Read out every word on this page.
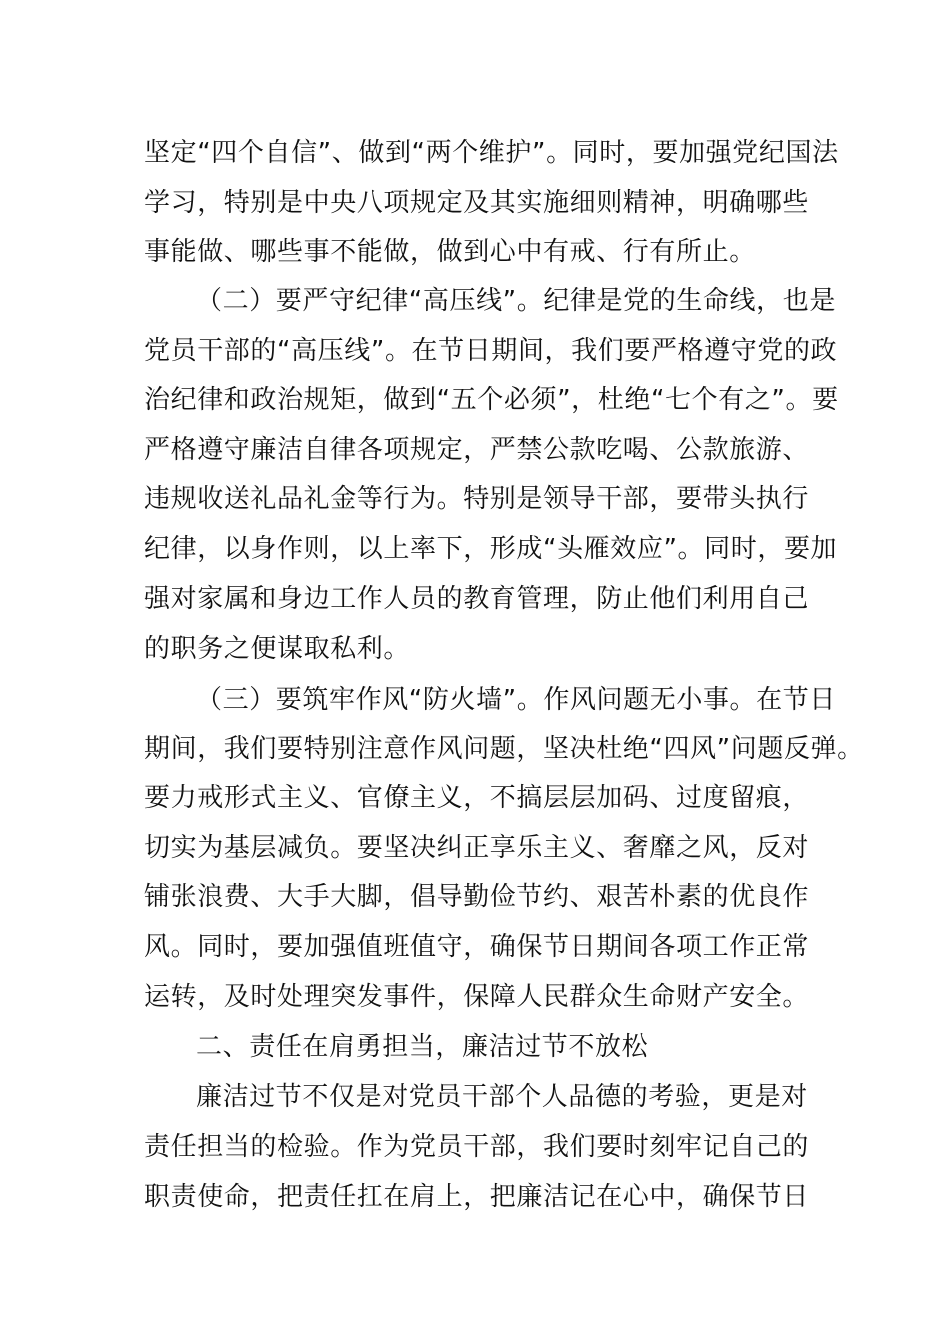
坚定“四个自信”、做到“两个维护”。同时，要加强党纪国法
学习，特别是中央八项规定及其实施细则精神，明确哪些
事能做、哪些事不能做，做到心中有戒、行有所止。
（二）要严守纪律“高压线”。纪律是党的生命线，也是
党员干部的“高压线”。在节日期间，我们要严格遵守党的政
治纪律和政治规矩，做到“五个必须”，杜绝“七个有之”。要
严格遵守廉洁自律各项规定，严禁公款吃喝、公款旅游、
违规收送礼品礼金等行为。特别是领导干部，要带头执行
纪律，以身作则，以上率下，形成“头雁效应”。同时，要加
强对家属和身边工作人员的教育管理，防止他们利用自己
的职务之便谋取私利。
（三）要筑牢作风“防火墙”。作风问题无小事。在节日
期间，我们要特别注意作风问题，坚决杜绝“四风”问题反弹。
要力戒形式主义、官僚主义，不搞层层加码、过度留痕，
切实为基层减负。要坚决纠正享乐主义、奢靡之风，反对
铺张浪费、大手大脚，倡导勤俭节约、艰苦朴素的优良作
风。同时，要加强值班值守，确保节日期间各项工作正常
运转，及时处理突发事件，保障人民群众生命财产安全。
二、责任在肩勇担当，廉洁过节不放松
廉洁过节不仅是对党员干部个人品德的考验，更是对
责任担当的检验。作为党员干部，我们要时刻牢记自己的
职责使命，把责任扛在肩上，把廉洁记在心中，确保节日
